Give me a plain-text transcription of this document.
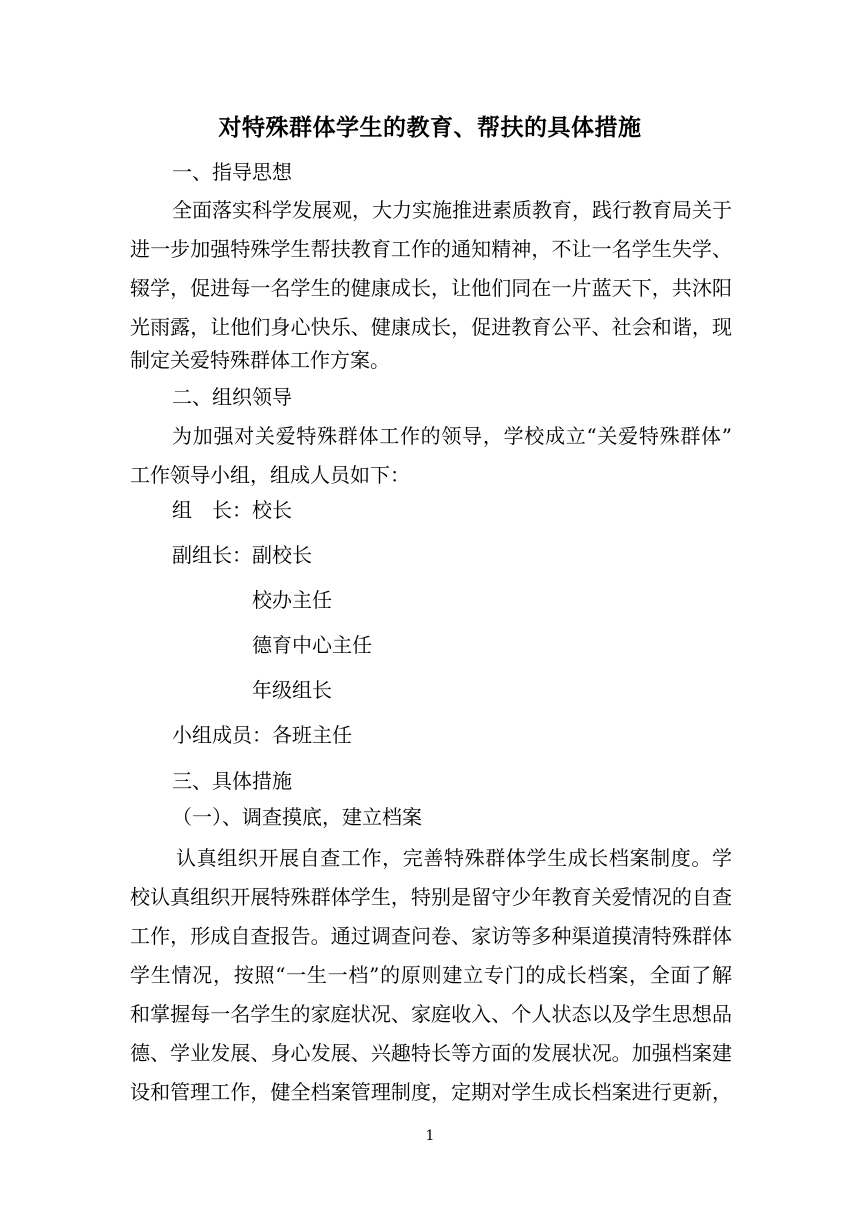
对特殊群体学生的教育、帮扶的具体措施
一、指导思想
全面落实科学发展观，大力实施推进素质教育，践行教育局关于
进一步加强特殊学生帮扶教育工作的通知精神，不让一名学生失学、
辍学，促进每一名学生的健康成长，让他们同在一片蓝天下，共沐阳
光雨露，让他们身心快乐、健康成长，促进教育公平、社会和谐，现
制定关爱特殊群体工作方案。
二、组织领导
为加强对关爱特殊群体工作的领导，学校成立“关爱特殊群体”
工作领导小组，组成人员如下：
组　长：校长
副组长：副校长
校办主任
德育中心主任
年级组长
小组成员：各班主任
三、具体措施
（一）、调查摸底，建立档案
认真组织开展自查工作，完善特殊群体学生成长档案制度。学
校认真组织开展特殊群体学生，特别是留守少年教育关爱情况的自查
工作，形成自查报告。通过调查问卷、家访等多种渠道摸清特殊群体
学生情况，按照“一生一档”的原则建立专门的成长档案，全面了解
和掌握每一名学生的家庭状况、家庭收入、个人状态以及学生思想品
德、学业发展、身心发展、兴趣特长等方面的发展状况。加强档案建
设和管理工作，健全档案管理制度，定期对学生成长档案进行更新，
1
